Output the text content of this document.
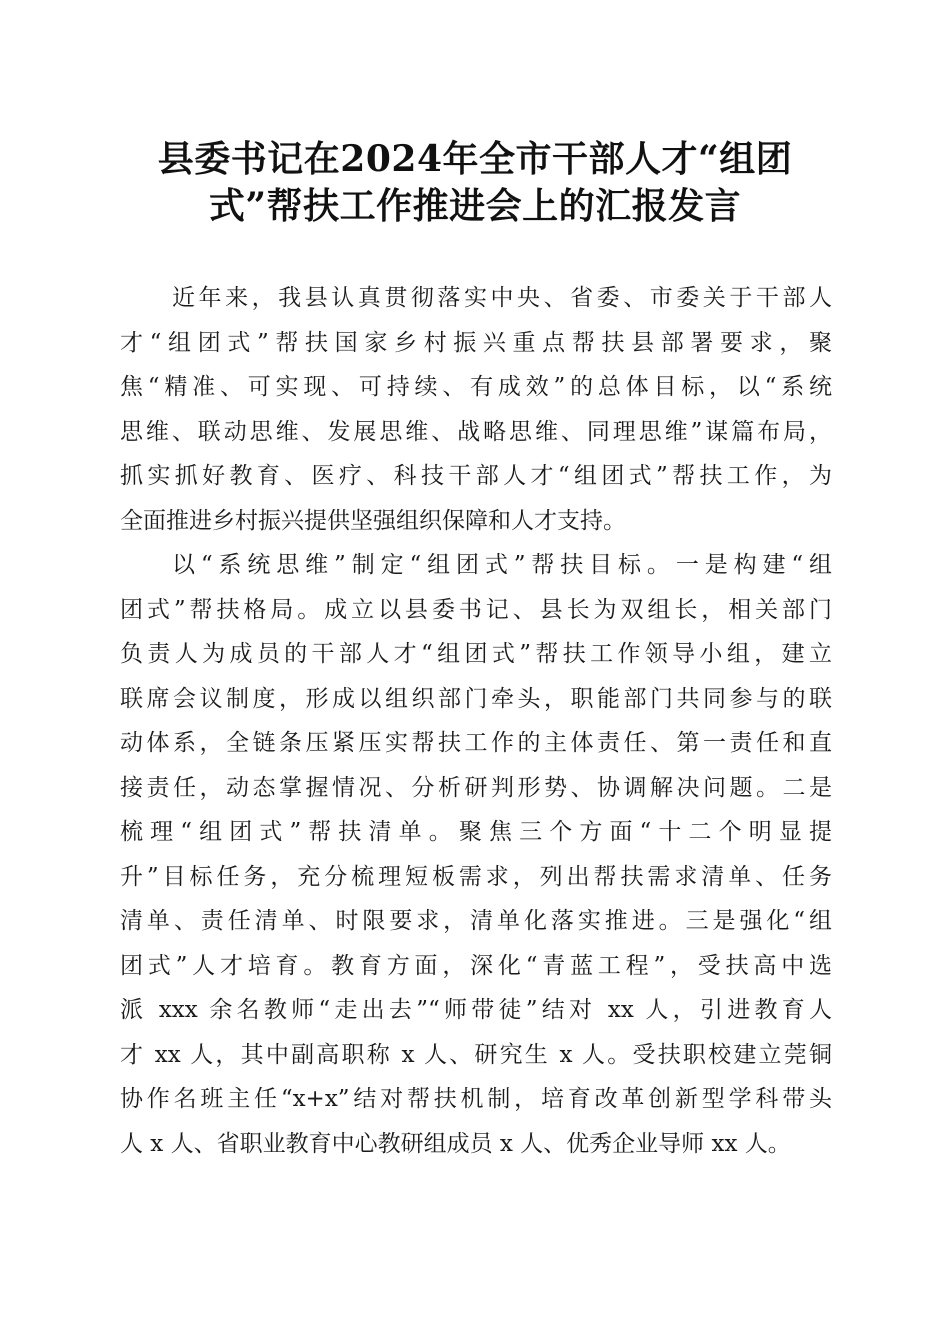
县委书记在2024年全市干部人才“组团
式”帮扶工作推进会上的汇报发言

近年来，我县认真贯彻落实中央、省委、市委关于干部人
才“组团式”帮扶国家乡村振兴重点帮扶县部署要求，聚
焦“精准、可实现、可持续、有成效”的总体目标，以“系统
思维、联动思维、发展思维、战略思维、同理思维”谋篇布局，
抓实抓好教育、医疗、科技干部人才“组团式”帮扶工作，为
全面推进乡村振兴提供坚强组织保障和人才支持。

以“系统思维”制定“组团式”帮扶目标。一是构建“组
团式”帮扶格局。成立以县委书记、县长为双组长，相关部门
负责人为成员的干部人才“组团式”帮扶工作领导小组，建立
联席会议制度，形成以组织部门牵头，职能部门共同参与的联
动体系，全链条压紧压实帮扶工作的主体责任、第一责任和直
接责任，动态掌握情况、分析研判形势、协调解决问题。二是
梳理“组团式”帮扶清单。聚焦三个方面“十二个明显提
升”目标任务，充分梳理短板需求，列出帮扶需求清单、任务
清单、责任清单、时限要求，清单化落实推进。三是强化“组
团式”人才培育。教育方面，深化“青蓝工程”，受扶高中选
派 xxx 余名教师“走出去”“师带徒”结对 xx 人，引进教育人
才 xx 人，其中副高职称 x 人、研究生 x 人。受扶职校建立莞铜
协作名班主任“x+x”结对帮扶机制，培育改革创新型学科带头
人 x 人、省职业教育中心教研组成员 x 人、优秀企业导师 xx 人。
